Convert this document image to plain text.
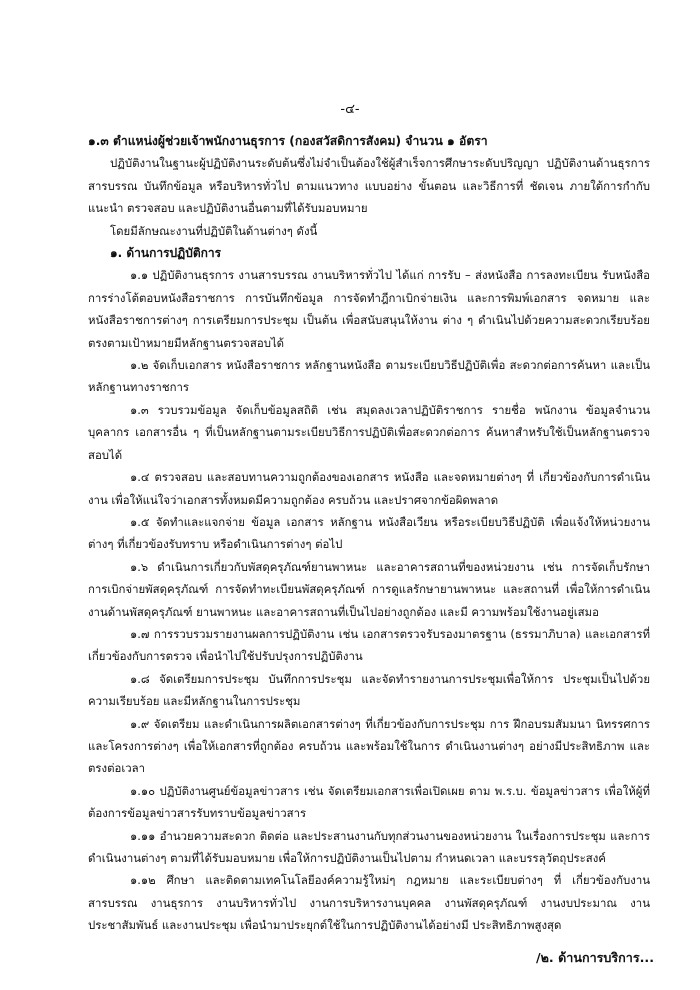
-๔-

๑.๓ ตำแหน่งผู้ช่วยเจ้าพนักงานธุรการ (กองสวัสดิการสังคม) จำนวน ๑ อัตรา

ปฏิบัติงานในฐานะผู้ปฏิบัติงานระดับต้นซึ่งไม่จำเป็นต้องใช้ผู้สำเร็จการศึกษาระดับปริญญา ปฏิบัติงานด้านธุรการ สารบรรณ บันทึกข้อมูล หรือบริหารทั่วไป ตามแนวทาง แบบอย่าง ขั้นตอน และวิธีการที่ ชัดเจน ภายใต้การกำกับ แนะนำ ตรวจสอบ และปฏิบัติงานอื่นตามที่ได้รับมอบหมาย

โดยมีลักษณะงานที่ปฏิบัติในด้านต่างๆ ดังนี้

๑. ด้านการปฏิบัติการ

๑.๑ ปฏิบัติงานธุรการ งานสารบรรณ งานบริหารทั่วไป ได้แก่ การรับ – ส่งหนังสือ การลงทะเบียน รับหนังสือ การร่างโต้ตอบหนังสือราชการ การบันทึกข้อมูล การจัดทำฎีกาเบิกจ่ายเงิน และการพิมพ์เอกสาร จดหมาย และหนังสือราชการต่างๆ การเตรียมการประชุม เป็นต้น เพื่อสนับสนุนให้งาน ต่าง ๆ ดำเนินไปด้วยความสะดวกเรียบร้อยตรงตามเป้าหมายมีหลักฐานตรวจสอบได้

๑.๒ จัดเก็บเอกสาร หนังสือราชการ หลักฐานหนังสือ ตามระเบียบวิธีปฏิบัติเพื่อ สะดวกต่อการค้นหา และเป็นหลักฐานทางราชการ

๑.๓ รวบรวมข้อมูล จัดเก็บข้อมูลสถิติ เช่น สมุดลงเวลาปฏิบัติราชการ รายชื่อ พนักงาน ข้อมูลจำนวนบุคลากร เอกสารอื่น ๆ ที่เป็นหลักฐานตามระเบียบวิธีการปฏิบัติเพื่อสะดวกต่อการ ค้นหาสำหรับใช้เป็นหลักฐานตรวจสอบได้

๑.๔ ตรวจสอบ และสอบทานความถูกต้องของเอกสาร หนังสือ และจดหมายต่างๆ ที่ เกี่ยวข้องกับการดำเนินงาน เพื่อให้แน่ใจว่าเอกสารทั้งหมดมีความถูกต้อง ครบถ้วน และปราศจากข้อผิดพลาด

๑.๕ จัดทำและแจกจ่าย ข้อมูล เอกสาร หลักฐาน หนังสือเวียน หรือระเบียบวิธีปฏิบัติ เพื่อแจ้งให้หน่วยงานต่างๆ ที่เกี่ยวข้องรับทราบ หรือดำเนินการต่างๆ ต่อไป

๑.๖ ดำเนินการเกี่ยวกับพัสดุครุภัณฑ์ยานพาหนะ และอาคารสถานที่ของหน่วยงาน เช่น การจัดเก็บรักษา การเบิกจ่ายพัสดุครุภัณฑ์ การจัดทำทะเบียนพัสดุครุภัณฑ์ การดูแลรักษายานพาหนะ และสถานที่ เพื่อให้การดำเนินงานด้านพัสดุครุภัณฑ์ ยานพาหนะ และอาคารสถานที่เป็นไปอย่างถูกต้อง และมี ความพร้อมใช้งานอยู่เสมอ

๑.๗ การรวบรวมรายงานผลการปฏิบัติงาน เช่น เอกสารตรวจรับรองมาตรฐาน (ธรรมาภิบาล) และเอกสารที่เกี่ยวข้องกับการตรวจ เพื่อนำไปใช้ปรับปรุงการปฏิบัติงาน

๑.๘ จัดเตรียมการประชุม บันทึกการประชุม และจัดทำรายงานการประชุมเพื่อให้การ ประชุมเป็นไปด้วยความเรียบร้อย และมีหลักฐานในการประชุม

๑.๙ จัดเตรียม และดำเนินการผลิตเอกสารต่างๆ ที่เกี่ยวข้องกับการประชุม การ ฝึกอบรมสัมมนา นิทรรศการ และโครงการต่างๆ เพื่อให้เอกสารที่ถูกต้อง ครบถ้วน และพร้อมใช้ในการ ดำเนินงานต่างๆ อย่างมีประสิทธิภาพ และตรงต่อเวลา

๑.๑๐ ปฏิบัติงานศูนย์ข้อมูลข่าวสาร เช่น จัดเตรียมเอกสารเพื่อเปิดเผย ตาม พ.ร.บ. ข้อมูลข่าวสาร เพื่อให้ผู้ที่ต้องการข้อมูลข่าวสารรับทราบข้อมูลข่าวสาร

๑.๑๑ อำนวยความสะดวก ติดต่อ และประสานงานกับทุกส่วนงานของหน่วยงาน ในเรื่องการประชุม และการดำเนินงานต่างๆ ตามที่ได้รับมอบหมาย เพื่อให้การปฏิบัติงานเป็นไปตาม กำหนดเวลา และบรรลุวัตถุประสงค์

๑.๑๒ ศึกษา และติดตามเทคโนโลยีองค์ความรู้ใหม่ๆ กฎหมาย และระเบียบต่างๆ ที่ เกี่ยวข้องกับงานสารบรรณ งานธุรการ งานบริหารทั่วไป งานการบริหารงานบุคคล งานพัสดุครุภัณฑ์ งานงบประมาณ งานประชาสัมพันธ์ และงานประชุม เพื่อนำมาประยุกต์ใช้ในการปฏิบัติงานได้อย่างมี ประสิทธิภาพสูงสุด

/๒. ด้านการบริการ...
